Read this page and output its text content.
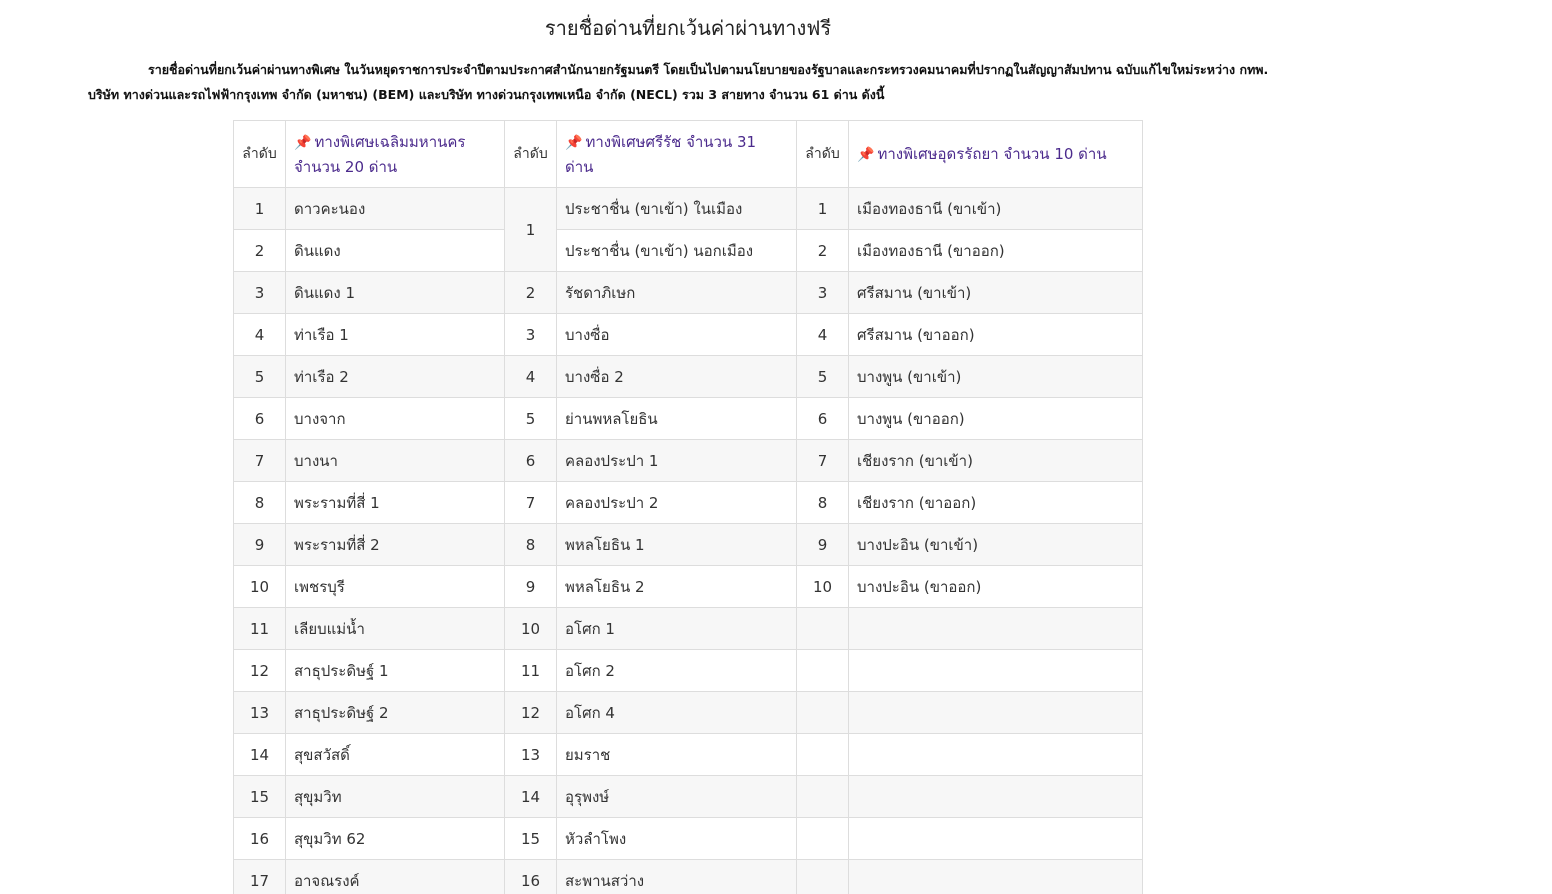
รายชื่อด่านที่ยกเว้นค่าผ่านทางฟรี
รายชื่อด่านที่ยกเว้นค่าผ่านทางพิเศษ ในวันหยุดราชการประจำปีตามประกาศสำนักนายกรัฐมนตรี โดยเป็นไปตามนโยบายของรัฐบาลและกระทรวงคมนาคมที่ปรากฏในสัญญาสัมปทาน ฉบับแก้ไขใหม่ระหว่าง กทพ.
บริษัท ทางด่วนและรถไฟฟ้ากรุงเทพ จำกัด (มหาชน) (BEM) และบริษัท ทางด่วนกรุงเทพเหนือ จำกัด (NECL) รวม 3 สายทาง จำนวน 61 ด่าน ดังนี้
ลำดับ	📌 ทางพิเศษเฉลิมมหานคร จำนวน 20 ด่าน	ลำดับ	📌 ทางพิเศษศรีรัช จำนวน 31 ด่าน	ลำดับ	📌 ทางพิเศษอุดรรัถยา จำนวน 10 ด่าน
1	ดาวคะนอง	1	ประชาชื่น (ขาเข้า) ในเมือง	1	เมืองทองธานี (ขาเข้า)
2	ดินแดง		ประชาชื่น (ขาเข้า) นอกเมือง	2	เมืองทองธานี (ขาออก)
3	ดินแดง 1	2	รัชดาภิเษก	3	ศรีสมาน (ขาเข้า)
4	ท่าเรือ 1	3	บางซื่อ	4	ศรีสมาน (ขาออก)
5	ท่าเรือ 2	4	บางซื่อ 2	5	บางพูน (ขาเข้า)
6	บางจาก	5	ย่านพหลโยธิน	6	บางพูน (ขาออก)
7	บางนา	6	คลองประปา 1	7	เชียงราก (ขาเข้า)
8	พระรามที่สี่ 1	7	คลองประปา 2	8	เชียงราก (ขาออก)
9	พระรามที่สี่ 2	8	พหลโยธิน 1	9	บางปะอิน (ขาเข้า)
10	เพชรบุรี	9	พหลโยธิน 2	10	บางปะอิน (ขาออก)
11	เลียบแม่น้ำ	10	อโศก 1		
12	สาธุประดิษฐ์ 1	11	อโศก 2		
13	สาธุประดิษฐ์ 2	12	อโศก 4		
14	สุขสวัสดิ์	13	ยมราช		
15	สุขุมวิท	14	อุรุพงษ์		
16	สุขุมวิท 62	15	หัวลำโพง		
17	อาจณรงค์	16	สะพานสว่าง		
